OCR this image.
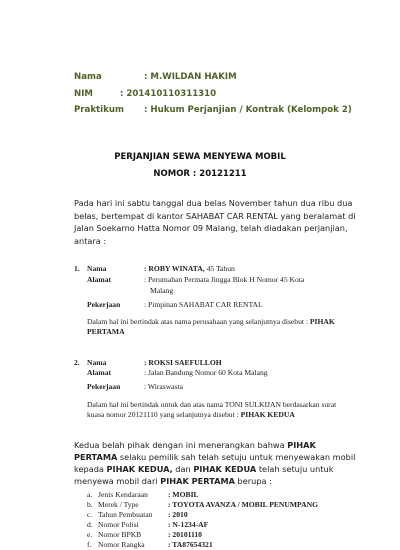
Nama	: M.WILDAN HAKIM
NIM	: 201410110311310
Praktikum : Hukum Perjanjian / Kontrak (Kelompok 2)
PERJANJIAN SEWA MENYEWA MOBIL
NOMOR : 20121211
Pada hari ini sabtu tanggal dua belas November tahun dua ribu dua
belas, bertempat di kantor SAHABAT CAR RENTAL yang beralamat di
Jalan Soekarno Hatta Nomor 09 Malang, telah diadakan perjanjian,
antara :
1. Nama	: ROBY WINATA, 45 Tahun
Alamat	: Perumahan Permata Jingga Blok H Nomor 45 Kota
Malang
Pekerjaan	: Pimpinan SAHABAT CAR RENTAL
Dalam hal ini bertindak atas nama perusahaan yang selanjutnya disebut : PIHAK
PERTAMA
2. Nama	: ROKSI SAEFULLOH
Alamat	: Jalan Bandung Nomor 60 Kota Malang
Pekerjaan	: Wiraswasta
Dalam hal ini bertindak untuk dan atas nama TONI SULKIJAN berdasarkan surat
kuasa nomor 20121110 yang selanjutnya disebut : PIHAK KEDUA
Kedua belah pihak dengan ini menerangkan bahwa PIHAK
PERTAMA selaku pemilik sah telah setuju untuk menyewakan mobil
kepada PIHAK KEDUA, dan PIHAK KEDUA telah setuju untuk
menyewa mobil dari PIHAK PERTAMA berupa :
a. Jenis Kendaraan	: MOBIL
b. Merek / Type	: TOYOTA AVANZA / MOBIL PENUMPANG
c. Tahun Pembuatan : 2010
d. Nomor Polisi	: N-1234-AF
e. Nomor BPKB	: 20101110
f. Nomor Rangka	: TA87654321
